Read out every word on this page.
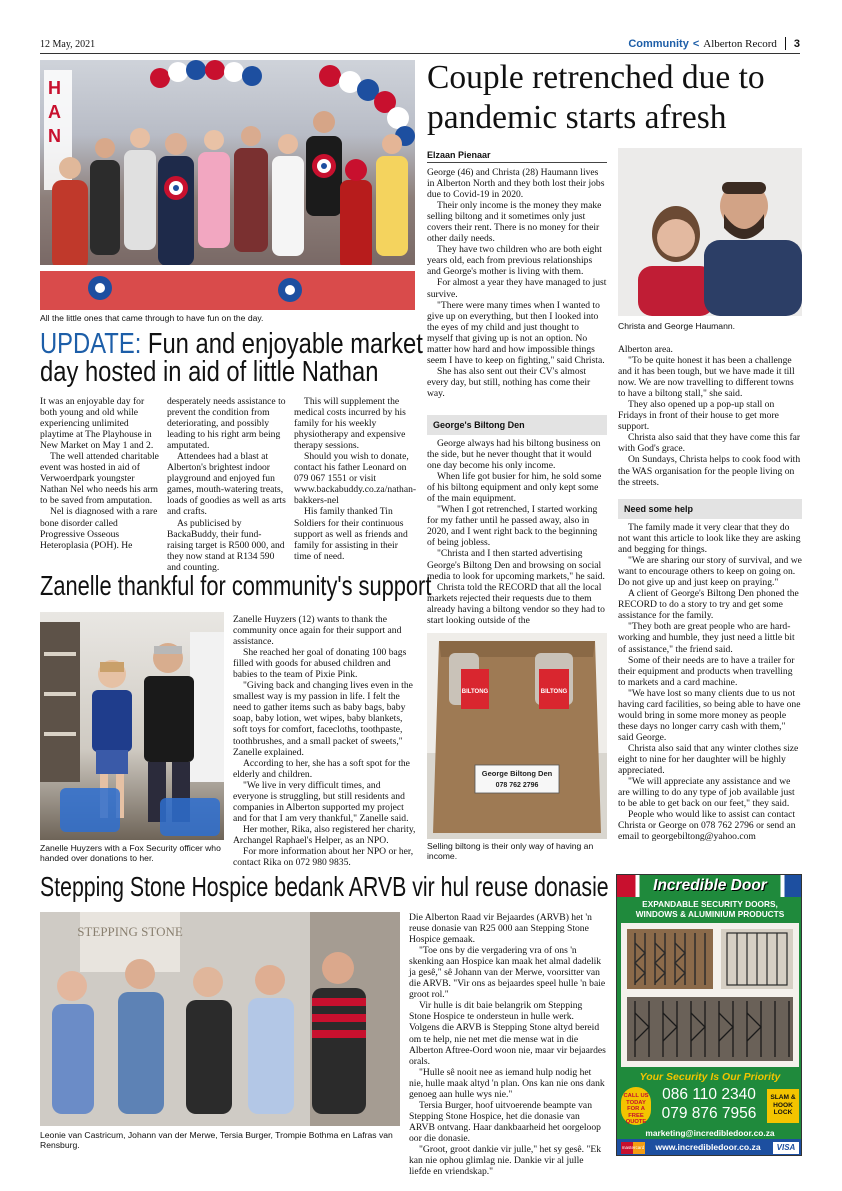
12 May, 2021	Community < Alberton Record 3
H
A
N
All the little ones that came through to have fun on the day.
UPDATE: Fun and enjoyable market
day hosted in aid of little Nathan

It was an enjoyable day for both young and old while experiencing unlimited playtime at The Playhouse in New Market on May 1 and 2.

The well attended charitable event was hosted in aid of Verwoerdpark youngster Nathan Nel who needs his arm to be saved from amputation.

Nel is diagnosed with a rare bone disorder called Progressive Osseous Heteroplasia (POH). He

desperately needs assistance to prevent the condition from deteriorating, and possibly leading to his right arm being amputated.

Attendees had a blast at Alberton's brightest indoor playground and enjoyed fun games, mouth-watering treats, loads of goodies as well as arts and crafts.

As publicised by BackaBuddy, their fund-raising target is R500 000, and they now stand at R134 590 and counting.

This will supplement the medical costs incurred by his family for his weekly physiotherapy and expensive therapy sessions.

Should you wish to donate, contact his father Leonard on 079 067 1551 or visit www.backabuddy.co.za/nathan-bakkers-nel

His family thanked Tin Soldiers for their continuous support as well as friends and family for assisting in their time of need.

Zanelle thankful for community's support
Zanelle Huyzers with a Fox Security officer who handed over donations to her.

Zanelle Huyzers (12) wants to thank the community once again for their support and assistance.

She reached her goal of donating 100 bags filled with goods for abused children and babies to the team of Pixie Pink.

"Giving back and changing lives even in the smallest way is my passion in life. I felt the need to gather items such as baby bags, baby soap, baby lotion, wet wipes, baby blankets, soft toys for comfort, facecloths, toothpaste, toothbrushes, and a small packet of sweets," Zanelle explained.

According to her, she has a soft spot for the elderly and children.

"We live in very difficult times, and everyone is struggling, but still residents and companies in Alberton supported my project and for that I am very thankful," Zanelle said.

Her mother, Rika, also registered her charity, Archangel Raphael's Helper, as an NPO.

For more information about her NPO or her, contact Rika on 072 980 9835.

Couple retrenched due to
pandemic starts afresh
Elzaan Pienaar
Christa and George Haumann.

George (46) and Christa (28) Haumann lives in Alberton North and they both lost their jobs due to Covid-19 in 2020.

Their only income is the money they make selling biltong and it sometimes only just covers their rent. There is no money for their other daily needs.

They have two children who are both eight years old, each from previous relationships and George's mother is living with them.

For almost a year they have managed to just survive.

"There were many times when I wanted to give up on everything, but then I looked into the eyes of my child and just thought to myself that giving up is not an option. No matter how hard and how impossible things seem I have to keep on fighting," said Christa.

She has also sent out their CV's almost every day, but still, nothing has come their way.

George's Biltong Den

George always had his biltong business on the side, but he never thought that it would one day become his only income.

When life got busier for him, he sold some of his biltong equipment and only kept some of the main equipment.

"When I got retrenched, I started working for my father until he passed away, also in 2020, and I went right back to the beginning of being jobless.

"Christa and I then started advertising George's Biltong Den and browsing on social media to look for upcoming markets," he said.

Christa told the RECORD that all the local markets rejected their requests due to them already having a biltong vendor so they had to start looking outside of the

BILTONG	BILTONG
George Biltong Den
078 762 2796
Selling biltong is their only way of having an income.

Alberton area.

"To be quite honest it has been a challenge and it has been tough, but we have made it till now. We are now travelling to different towns to have a biltong stall," she said.

They also opened up a pop-up stall on Fridays in front of their house to get more support.

Christa also said that they have come this far with God's grace.

On Sundays, Christa helps to cook food with the WAS organisation for the people living on the streets.

Need some help

The family made it very clear that they do not want this article to look like they are asking and begging for things.

"We are sharing our story of survival, and we want to encourage others to keep on going on. Do not give up and just keep on praying."

A client of George's Biltong Den phoned the RECORD to do a story to try and get some assistance for the family.

"They both are great people who are hard-working and humble, they just need a little bit of assistance," the friend said.

Some of their needs are to have a trailer for their equipment and products when travelling to markets and a card machine.

"We have lost so many clients due to us not having card facilities, so being able to have one would bring in some more money as people these days no longer carry cash with them," said George.

Christa also said that any winter clothes size eight to nine for her daughter will be highly appreciated.

"We will appreciate any assistance and we are willing to do any type of job available just to be able to get back on our feet," they said.

People who would like to assist can contact Christa or George on 078 762 2796 or send an email to georgebiltong@yahoo.com

Stepping Stone Hospice bedank ARVB vir hul reuse donasie
STEPPING STONE
Leonie van Castricum, Johann van der Merwe, Tersia Burger, Trompie Bothma en Lafras van Rensburg.

Die Alberton Raad vir Bejaardes (ARVB) het 'n reuse donasie van R25 000 aan Stepping Stone Hospice gemaak.

"Toe ons by die vergadering vra of ons 'n skenking aan Hospice kan maak het almal dadelik ja gesê," sê Johann van der Merwe, voorsitter van die ARVB. "Vir ons as bejaardes speel hulle 'n baie groot rol."

Vir hulle is dit baie belangrik om Stepping Stone Hospice te ondersteun in hulle werk. Volgens die ARVB is Stepping Stone altyd bereid om te help, nie net met die mense wat in die Alberton Aftree-Oord woon nie, maar vir bejaardes orals.

"Hulle sê nooit nee as iemand hulp nodig het nie, hulle maak altyd 'n plan. Ons kan nie ons dank genoeg aan hulle wys nie."

Tersia Burger, hoof uitvoerende beampte van Stepping Stone Hospice, het die donasie van ARVB ontvang. Haar dankbaarheid het oorgeloop oor die donasie.

"Groot, groot dankie vir julle," het sy gesê. "Ek kan nie ophou glimlag nie. Dankie vir al julle liefde en vriendskap."

Incredible Door
EXPANDABLE SECURITY DOORS,
WINDOWS & ALUMINIUM PRODUCTS
Your Security Is Our Priority
CALL US TODAY FOR A FREE QUOTE
086 110 2340
079 876 7956
SLAM & HOOK LOCK
marketing@incredibledoor.co.za
mastercard	www.incredibledoor.co.za	VISA
